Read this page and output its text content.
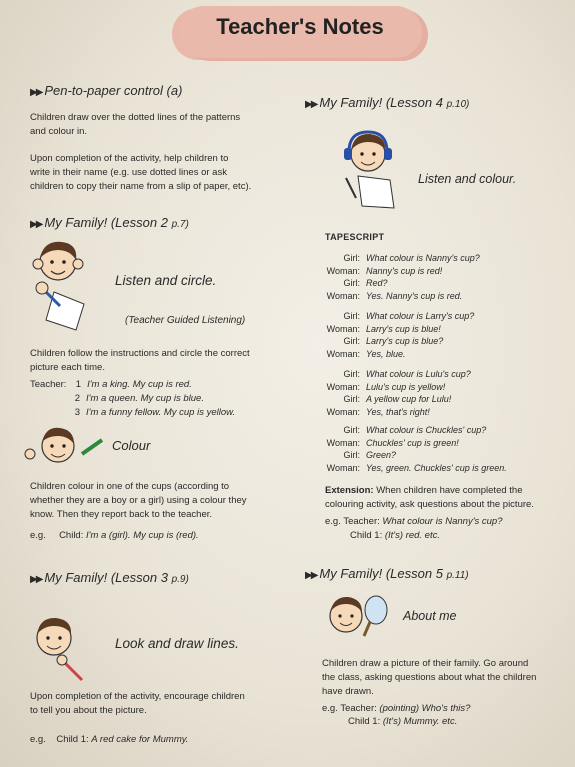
Teacher's Notes
▶▶ Pen-to-paper control (a)
Children draw over the dotted lines of the patterns
and colour in.
Upon completion of the activity, help children to
write in their name (e.g. use dotted lines or ask
children to copy their name from a slip of paper, etc).
▶▶ My Family! (Lesson 2 p.7)
Listen and circle.
(Teacher Guided Listening)
Children follow the instructions and circle the correct
picture each time.
Teacher: 1 I'm a king. My cup is red.
2 I'm a queen. My cup is blue.
3 I'm a funny fellow. My cup is yellow.
Colour
Children colour in one of the cups (according to
whether they are a boy or a girl) using a colour they
know. Then they report back to the teacher.
e.g. Child: I'm a (girl). My cup is (red).
▶▶ My Family! (Lesson 3 p.9)
Look and draw lines.
Upon completion of the activity, encourage children
to tell you about the picture.
e.g. Child 1: A red cake for Mummy.
▶▶ My Family! (Lesson 4 p.10)
Listen and colour.
TAPESCRIPT
Girl: What colour is Nanny's cup?
Woman: Nanny's cup is red!
Girl: Red?
Woman: Yes. Nanny's cup is red.
Girl: What colour is Larry's cup?
Woman: Larry's cup is blue!
Girl: Larry's cup is blue?
Woman: Yes, blue.
Girl: What colour is Lulu's cup?
Woman: Lulu's cup is yellow!
Girl: A yellow cup for Lulu!
Woman: Yes, that's right!
Girl: What colour is Chuckles' cup?
Woman: Chuckles' cup is green!
Girl: Green?
Woman: Yes, green. Chuckles' cup is green.
Extension: When children have completed the
colouring activity, ask questions about the picture.
e.g. Teacher: What colour is Nanny's cup?
Child 1: (It's) red. etc.
▶▶ My Family! (Lesson 5 p.11)
About me
Children draw a picture of their family. Go around
the class, asking questions about what the children
have drawn.
e.g. Teacher: (pointing) Who's this?
Child 1: (It's) Mummy. etc.
